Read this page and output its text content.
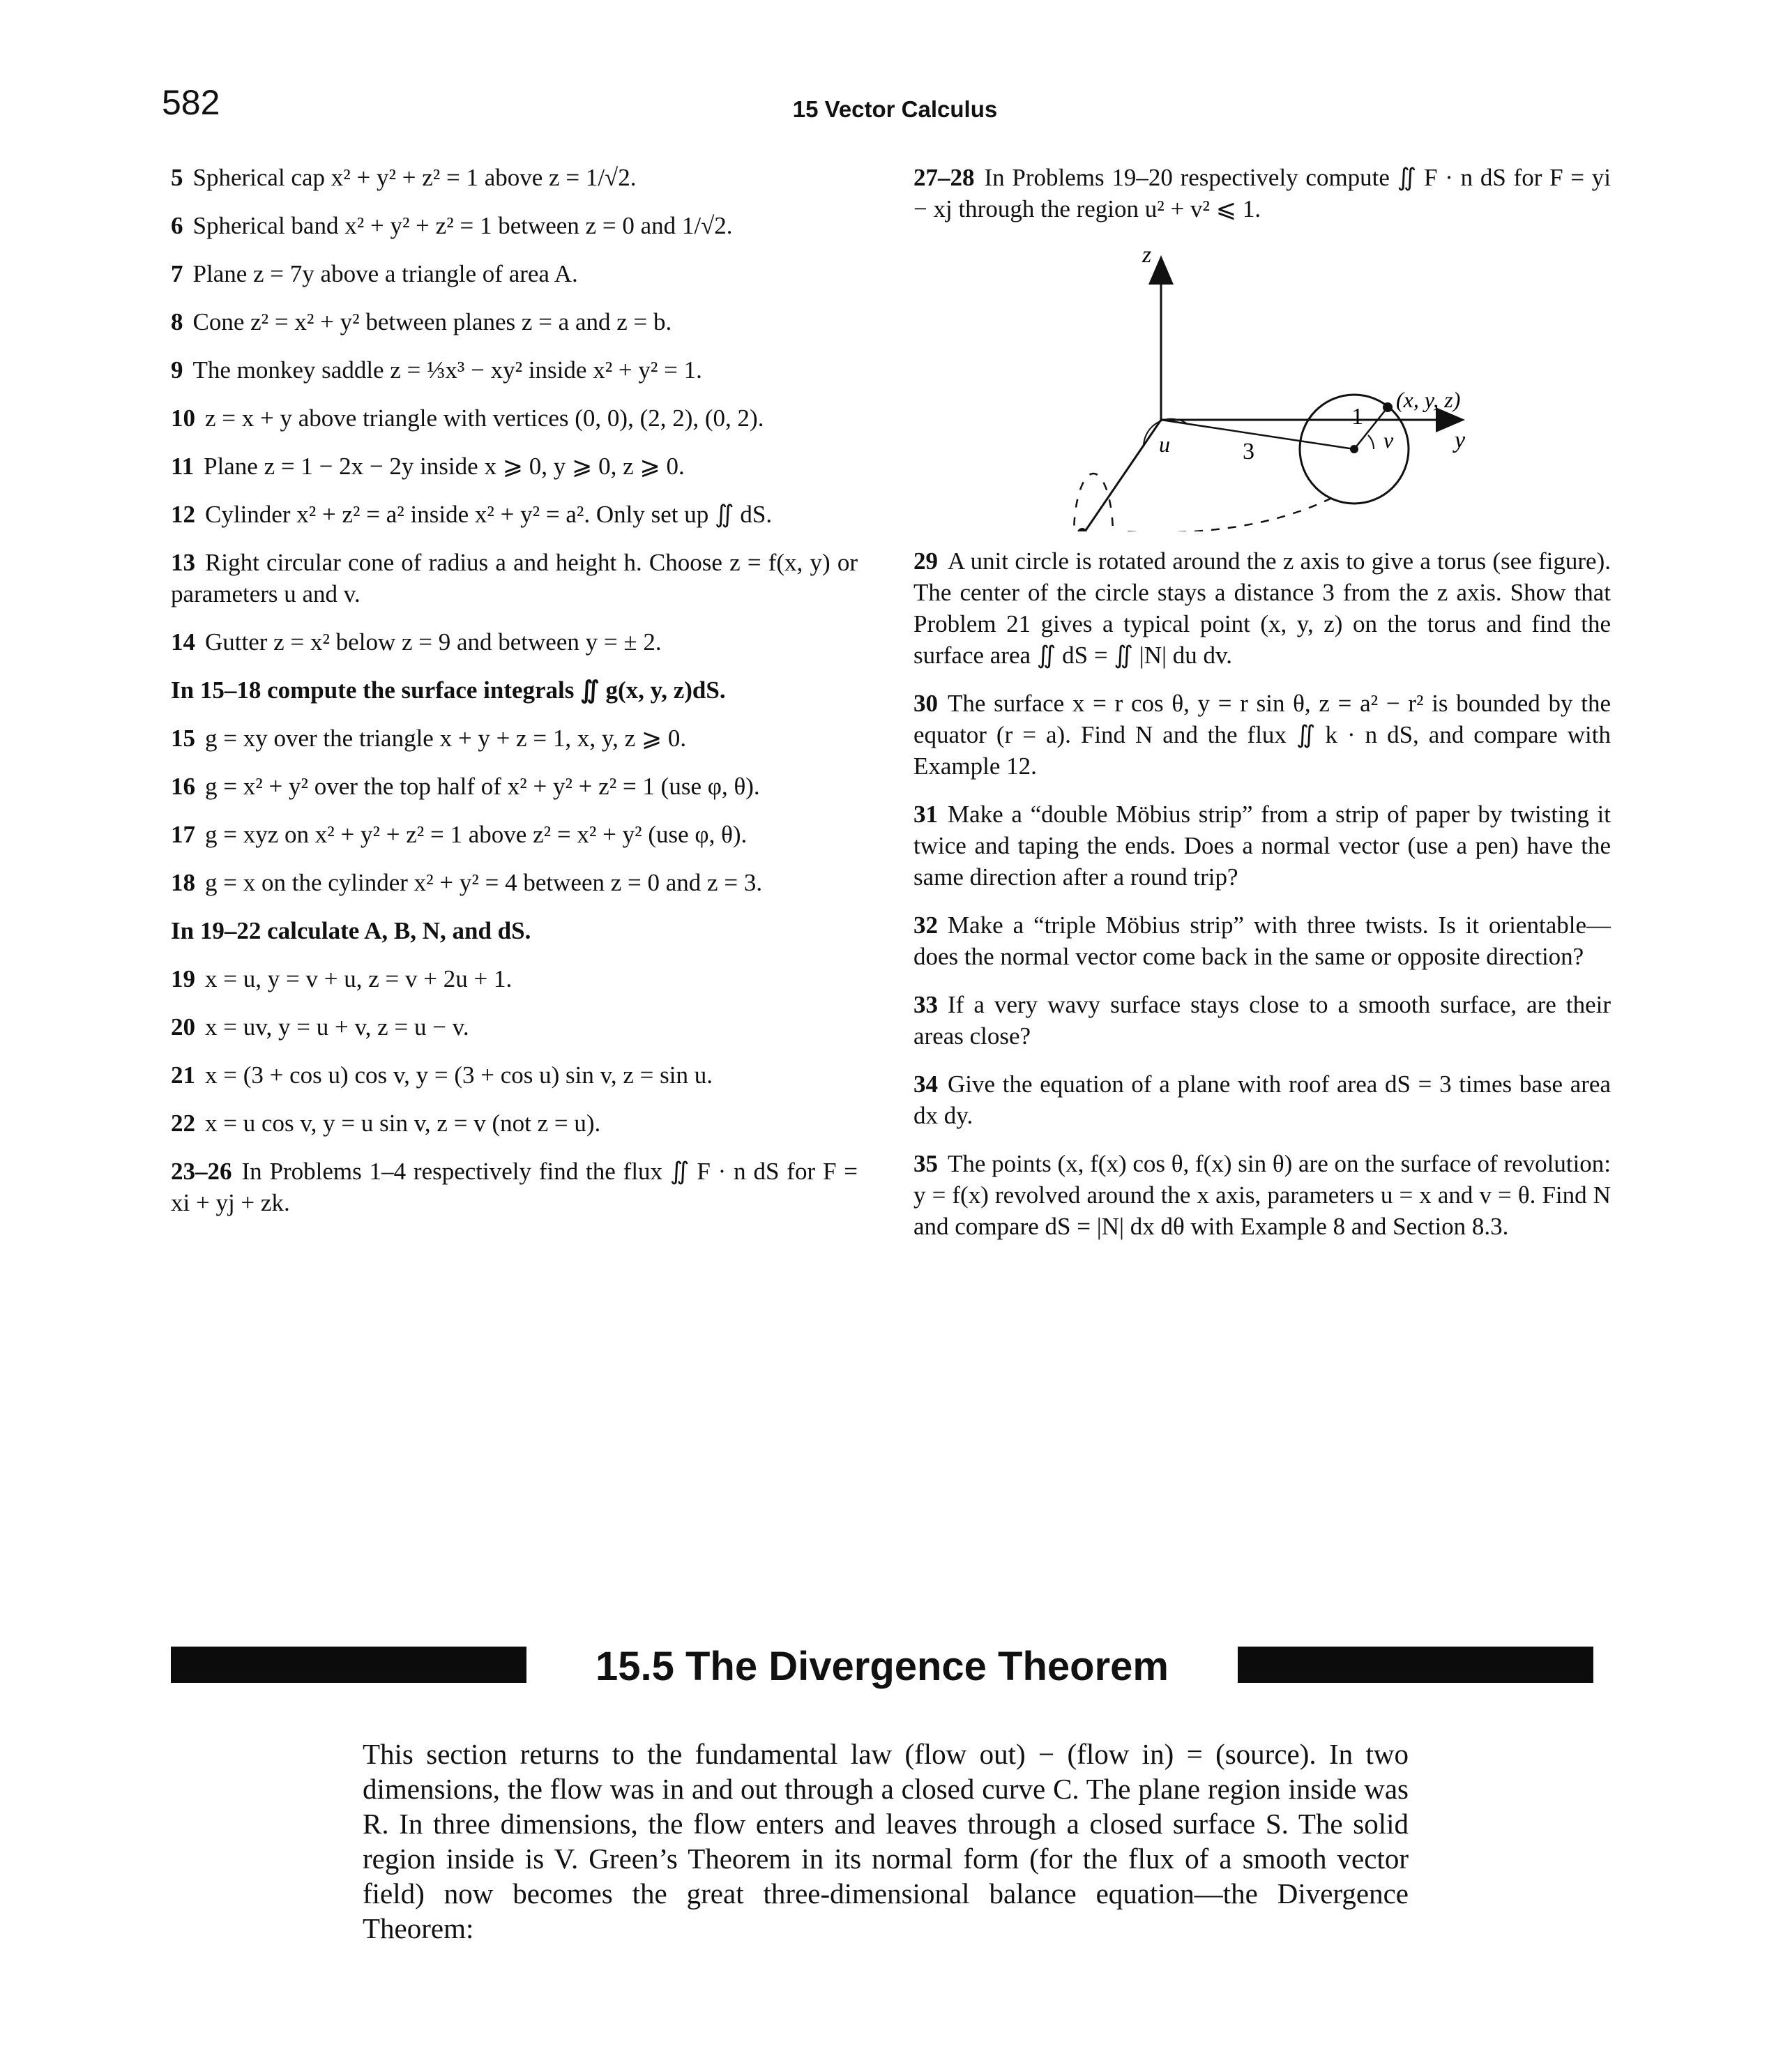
582	15 Vector Calculus
5 Spherical cap x² + y² + z² = 1 above z = 1/√2.
6 Spherical band x² + y² + z² = 1 between z = 0 and 1/√2.
7 Plane z = 7y above a triangle of area A.
8 Cone z² = x² + y² between planes z = a and z = b.
9 The monkey saddle z = ⅓x³ − xy² inside x² + y² = 1.
10 z = x + y above triangle with vertices (0, 0), (2, 2), (0, 2).
11 Plane z = 1 − 2x − 2y inside x ⩾ 0, y ⩾ 0, z ⩾ 0.
12 Cylinder x² + z² = a² inside x² + y² = a². Only set up ∬ dS.
13 Right circular cone of radius a and height h. Choose z = f(x, y) or parameters u and v.
14 Gutter z = x² below z = 9 and between y = ± 2.
In 15–18 compute the surface integrals ∬ g(x, y, z)dS.
15 g = xy over the triangle x + y + z = 1, x, y, z ⩾ 0.
16 g = x² + y² over the top half of x² + y² + z² = 1 (use φ, θ).
17 g = xyz on x² + y² + z² = 1 above z² = x² + y² (use φ, θ).
18 g = x on the cylinder x² + y² = 4 between z = 0 and z = 3.
In 19–22 calculate A, B, N, and dS.
19 x = u, y = v + u, z = v + 2u + 1.
20 x = uv, y = u + v, z = u − v.
21 x = (3 + cos u) cos v, y = (3 + cos u) sin v, z = sin u.
22 x = u cos v, y = u sin v, z = v (not z = u).
23–26 In Problems 1–4 respectively find the flux ∬ F · n dS for F = xi + yj + zk.
27–28 In Problems 19–20 respectively compute ∬ F · n dS for F = yi − xj through the region u² + v² ⩽ 1.
z
y
u	3
1
v
(x, y, z)
29 A unit circle is rotated around the z axis to give a torus (see figure). The center of the circle stays a distance 3 from the z axis. Show that Problem 21 gives a typical point (x, y, z) on the torus and find the surface area ∬ dS = ∬ |N| du dv.
30 The surface x = r cos θ, y = r sin θ, z = a² − r² is bounded by the equator (r = a). Find N and the flux ∬ k · n dS, and compare with Example 12.
31 Make a “double Möbius strip” from a strip of paper by twisting it twice and taping the ends. Does a normal vector (use a pen) have the same direction after a round trip?
32 Make a “triple Möbius strip” with three twists. Is it orientable—does the normal vector come back in the same or opposite direction?
33 If a very wavy surface stays close to a smooth surface, are their areas close?
34 Give the equation of a plane with roof area dS = 3 times base area dx dy.
35 The points (x, f(x) cos θ, f(x) sin θ) are on the surface of revolution: y = f(x) revolved around the x axis, parameters u = x and v = θ. Find N and compare dS = |N| dx dθ with Example 8 and Section 8.3.
15.5 The Divergence Theorem
This section returns to the fundamental law (flow out) − (flow in) = (source). In two dimensions, the flow was in and out through a closed curve C. The plane region inside was R. In three dimensions, the flow enters and leaves through a closed surface S. The solid region inside is V. Green’s Theorem in its normal form (for the flux of a smooth vector field) now becomes the great three-dimensional balance equation—the Divergence Theorem:
